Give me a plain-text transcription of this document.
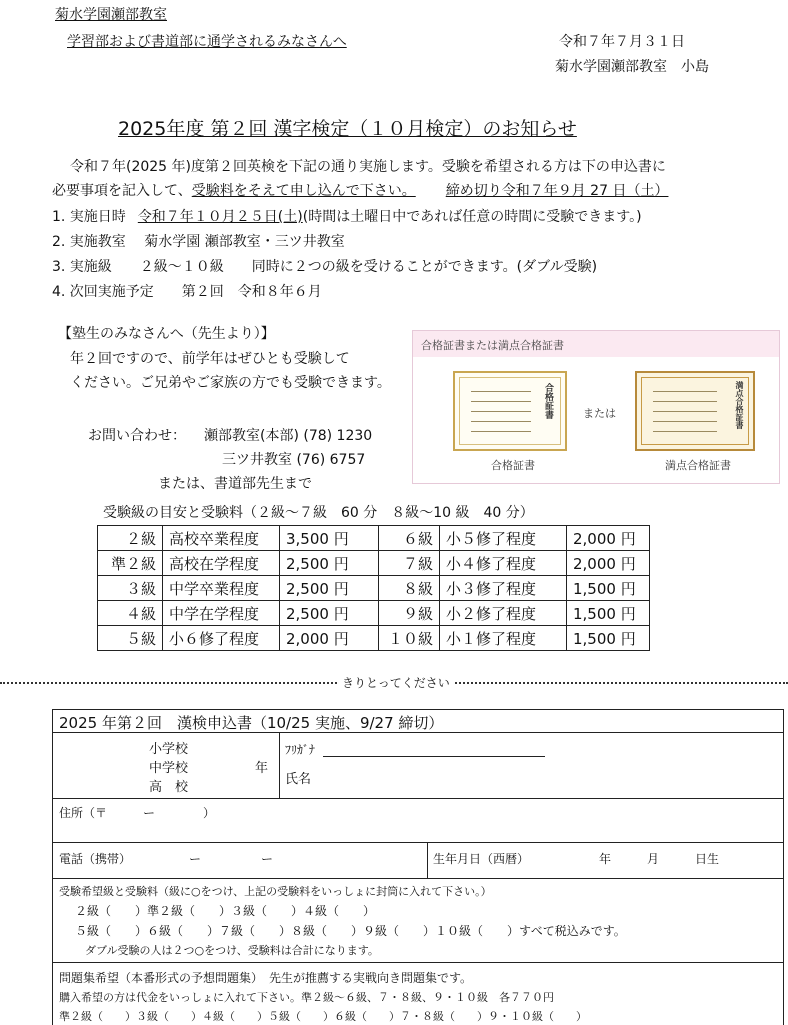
菊水学園瀬部教室
学習部および書道部に通学されるみなさんへ	令和７年７月３１日
菊水学園瀬部教室　小島
2025年度 第２回 漢字検定（１０月検定）のお知らせ
令和７年(2025 年)度第２回英検を下記の通り実施します。受験を希望される方は下の申込書に
必要事項を記入して、受験料をそえて申し込んで下さい。 締め切り令和７年９月 27 日（土）
1. 実施日時 令和７年１０月２５日(土)(時間は土曜日中であれば任意の時間に受験できます。)
2. 実施教室　 菊水学園 瀬部教室・三ツ井教室
3. 実施級　　２級～１０級　　同時に２つの級を受けることができます。(ダブル受験)
4. 次回実施予定　　第２回　令和８年６月
【塾生のみなさんへ（先生より）】
年２回ですので、前学年はぜひとも受験して
ください。ご兄弟やご家族の方でも受験できます。
お問い合わせ： 瀬部教室(本部) (78) 1230
三ツ井教室 (76) 6757
または、書道部先生まで
合格証書または満点合格証書
合格証書	または	満点合格証書
合格証書	満点合格証書
受験級の目安と受験料（２級～７級　60 分　８級～10 級　40 分）
２級	高校卒業程度	3,500 円	６級	小５修了程度	2,000 円
準２級	高校在学程度	2,500 円	７級	小４修了程度	2,000 円
３級	中学卒業程度	2,500 円	８級	小３修了程度	1,500 円
４級	中学在学程度	2,500 円	９級	小２修了程度	1,500 円
５級	小６修了程度	2,000 円	１０級	小１修了程度	1,500 円
きりとってください
2025 年第２回　漢検申込書（10/25 実施、9/27 締切）
小学校
中学校	年
高　校
ﾌﾘｶﾞﾅ
氏名
住所（〒　　　ー　　　　）
電話（携帯）	ー　　　　　ー	生年月日（西暦）	年　　　月　　　日生
受験希望級と受験料（級に○をつけ、上記の受験料をいっしょに封筒に入れて下さい。）
２級（　　）準２級（　　）３級（　　）４級（　　）
５級（　　）６級（　　）７級（　　）８級（　　）９級（　　）１０級（　　）すべて税込みです。
ダブル受験の人は２つ○をつけ、受験料は合計になります。
問題集希望（本番形式の予想問題集）　先生が推薦する実戦向き問題集です。
購入希望の方は代金をいっしょに入れて下さい。準２級～６級、７・８級、９・１０級　各７７０円
準２級（　　）３級（　　）４級（　　）５級（　　）６級（　　）７・８級（　　）９・１０級（　　）
